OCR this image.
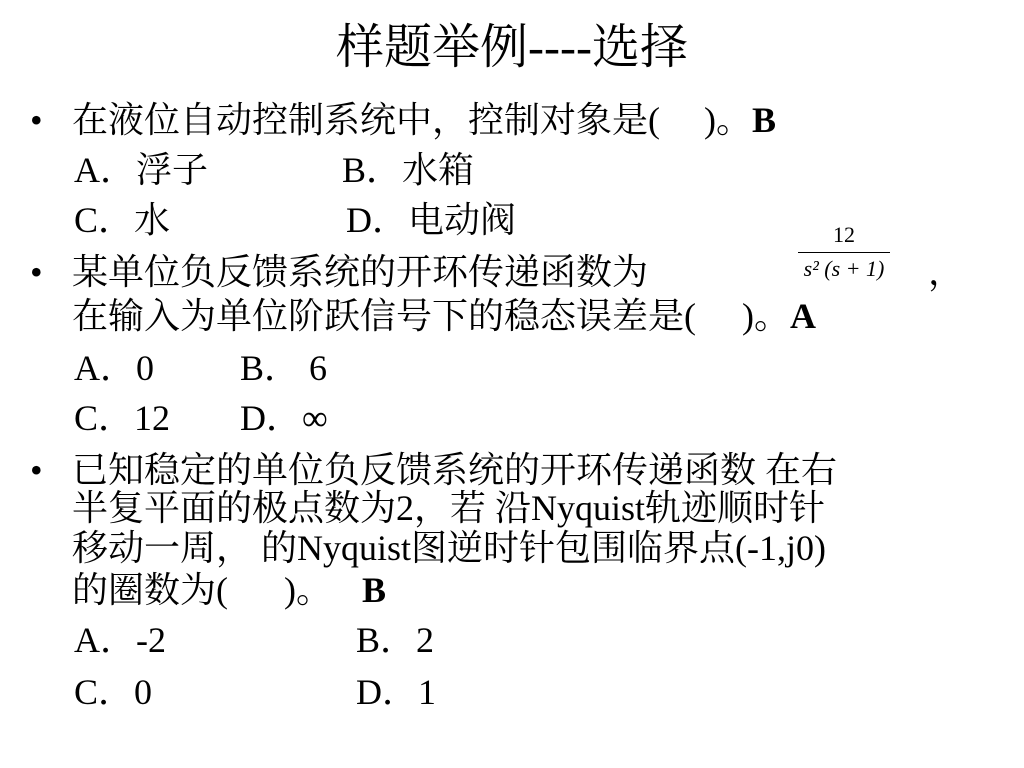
样题举例----选择
• 在液位自动控制系统中，控制对象是( )。B
A．浮子	B．水箱
C．水	D．电动阀
• 某单位负反馈系统的开环传递函数为	，
12
s² (s + 1)
在输入为单位阶跃信号下的稳态误差是( )。A
A．0 B． 6
C．12 D．∞
• 已知稳定的单位负反馈系统的开环传递函数 在右
半复平面的极点数为2，若 沿Nyquist轨迹顺时针
移动一周， 的Nyquist图逆时针包围临界点(-1,j0)
的圈数为( )。 B
A．-2	B．2
C．0	D．1
